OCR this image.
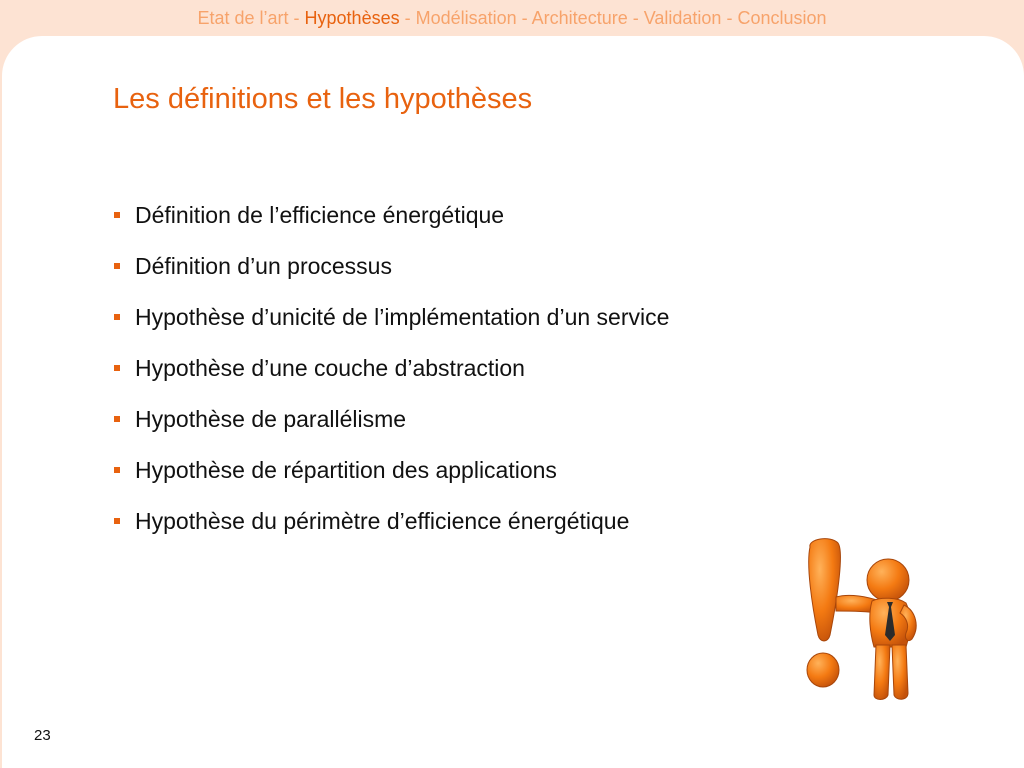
Etat de l’art - Hypothèses - Modélisation - Architecture - Validation - Conclusion
Les définitions et les hypothèses
Définition de l’efficience énergétique
Définition d’un processus
Hypothèse d’unicité de l’implémentation d’un service
Hypothèse d’une couche d’abstraction
Hypothèse de parallélisme
Hypothèse de répartition des applications
Hypothèse du périmètre d’efficience énergétique
23
